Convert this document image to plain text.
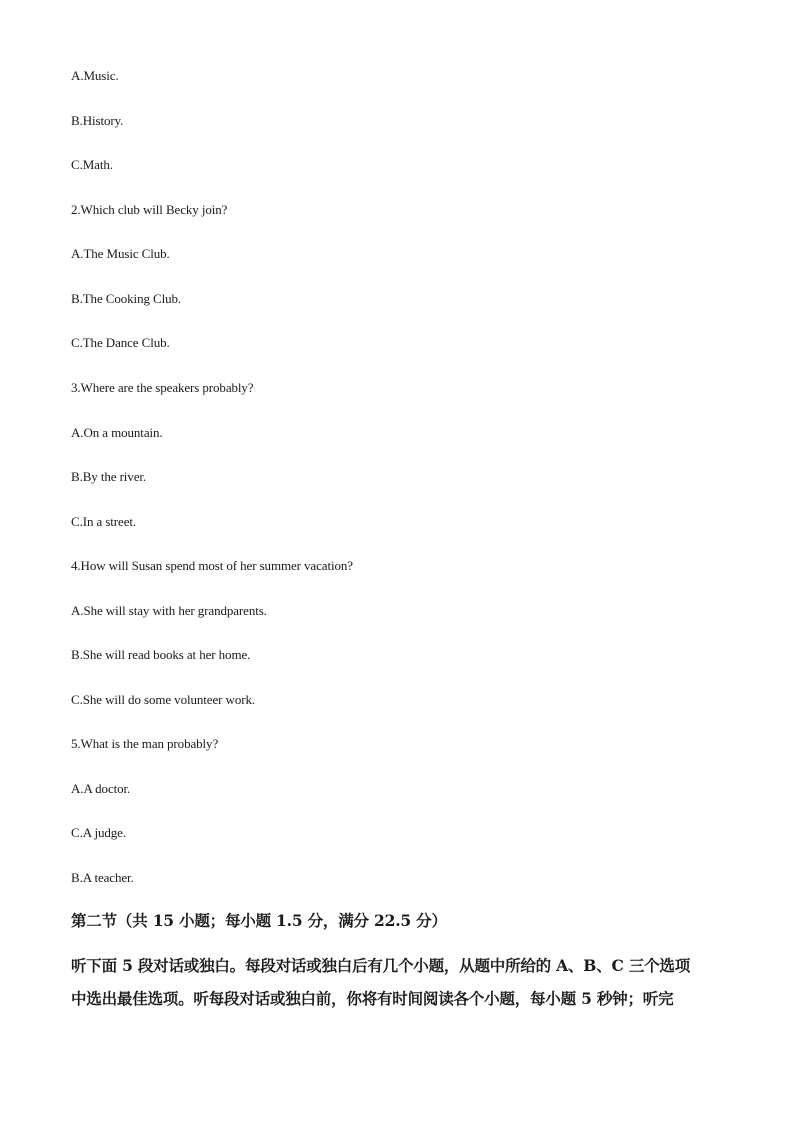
A.Music.
B.History.
C.Math.
2.Which club will Becky join?
A.The Music Club.
B.The Cooking Club.
C.The Dance Club.
3.Where are the speakers probably?
A.On a mountain.
B.By the river.
C.In a street.
4.How will Susan spend most of her summer vacation?
A.She will stay with her grandparents.
B.She will read books at her home.
C.She will do some volunteer work.
5.What is the man probably?
A.A doctor.
C.A judge.
B.A teacher.
第二节（共 15 小题；每小题 1.5 分，满分 22.5 分）
听下面 5 段对话或独白。每段对话或独白后有几个小题，从题中所给的 A、B、C 三个选项
中选出最佳选项。听每段对话或独白前，你将有时间阅读各个小题，每小题 5 秒钟；听完
